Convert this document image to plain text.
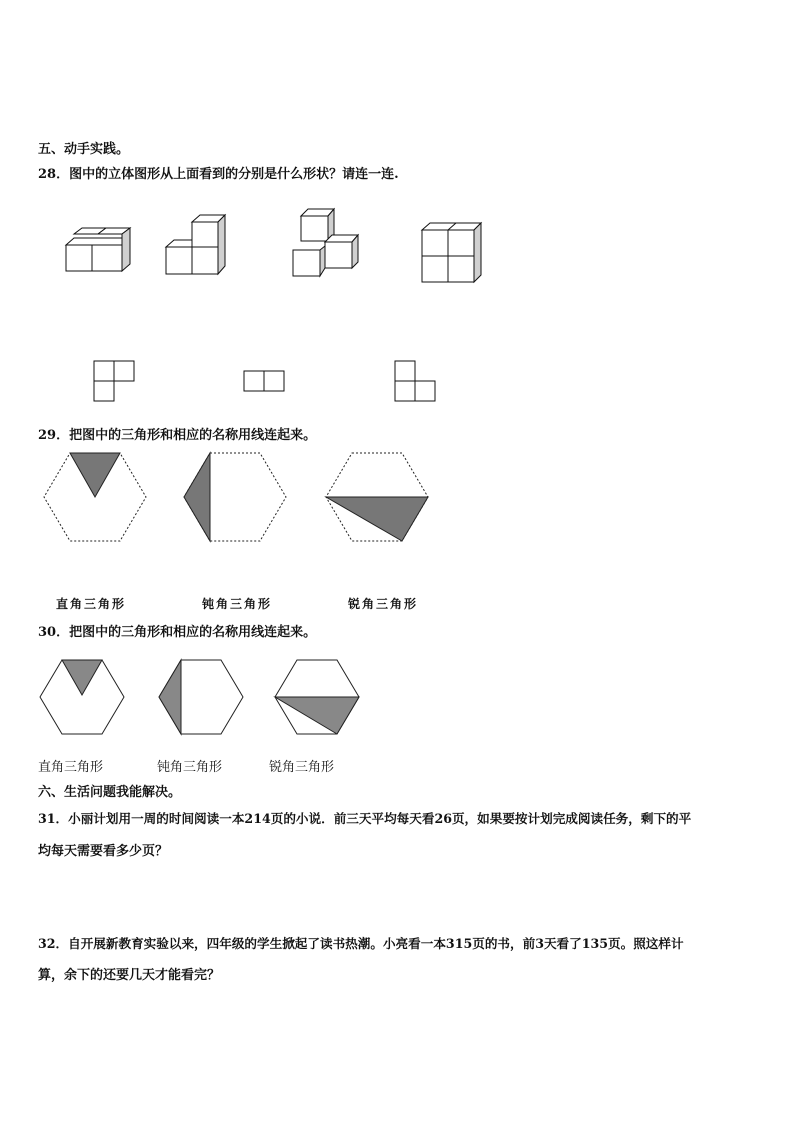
五、动手实践。
28．图中的立体图形从上面看到的分别是什么形状？请连一连.
29．把图中的三角形和相应的名称用线连起来。
直角三角形	钝角三角形	锐角三角形
30．把图中的三角形和相应的名称用线连起来。
直角三角形	钝角三角形	锐角三角形
六、生活问题我能解决。
31．小丽计划用一周的时间阅读一本214页的小说．前三天平均每天看26页，如果要按计划完成阅读任务，剩下的平
均每天需要看多少页？
32．自开展新教育实验以来，四年级的学生掀起了读书热潮。小亮看一本315页的书，前3天看了135页。照这样计
算，余下的还要几天才能看完？
